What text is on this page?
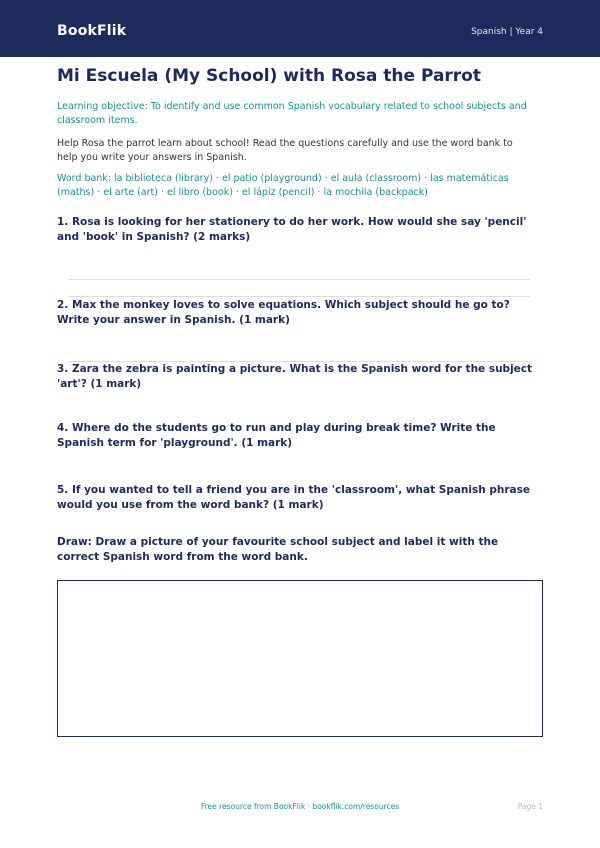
BookFlik	Spanish | Year 4
Mi Escuela (My School) with Rosa the Parrot

Learning objective: To identify and use common Spanish vocabulary related to school subjects and classroom items.

Help Rosa the parrot learn about school! Read the questions carefully and use the word bank to help you write your answers in Spanish.

Word bank: la biblioteca (library) · el patio (playground) · el aula (classroom) · las matemáticas (maths) · el arte (art) · el libro (book) · el lápiz (pencil) · la mochila (backpack)

1. Rosa is looking for her stationery to do her work. How would she say 'pencil' and 'book' in Spanish? (2 marks)
2. Max the monkey loves to solve equations. Which subject should he go to? Write your answer in Spanish. (1 mark)
3. Zara the zebra is painting a picture. What is the Spanish word for the subject 'art'? (1 mark)
4. Where do the students go to run and play during break time? Write the Spanish term for 'playground'. (1 mark)
5. If you wanted to tell a friend you are in the 'classroom', what Spanish phrase would you use from the word bank? (1 mark)
Draw: Draw a picture of your favourite school subject and label it with the correct Spanish word from the word bank.
Free resource from BookFlik · bookflik.com/resources	Page 1
